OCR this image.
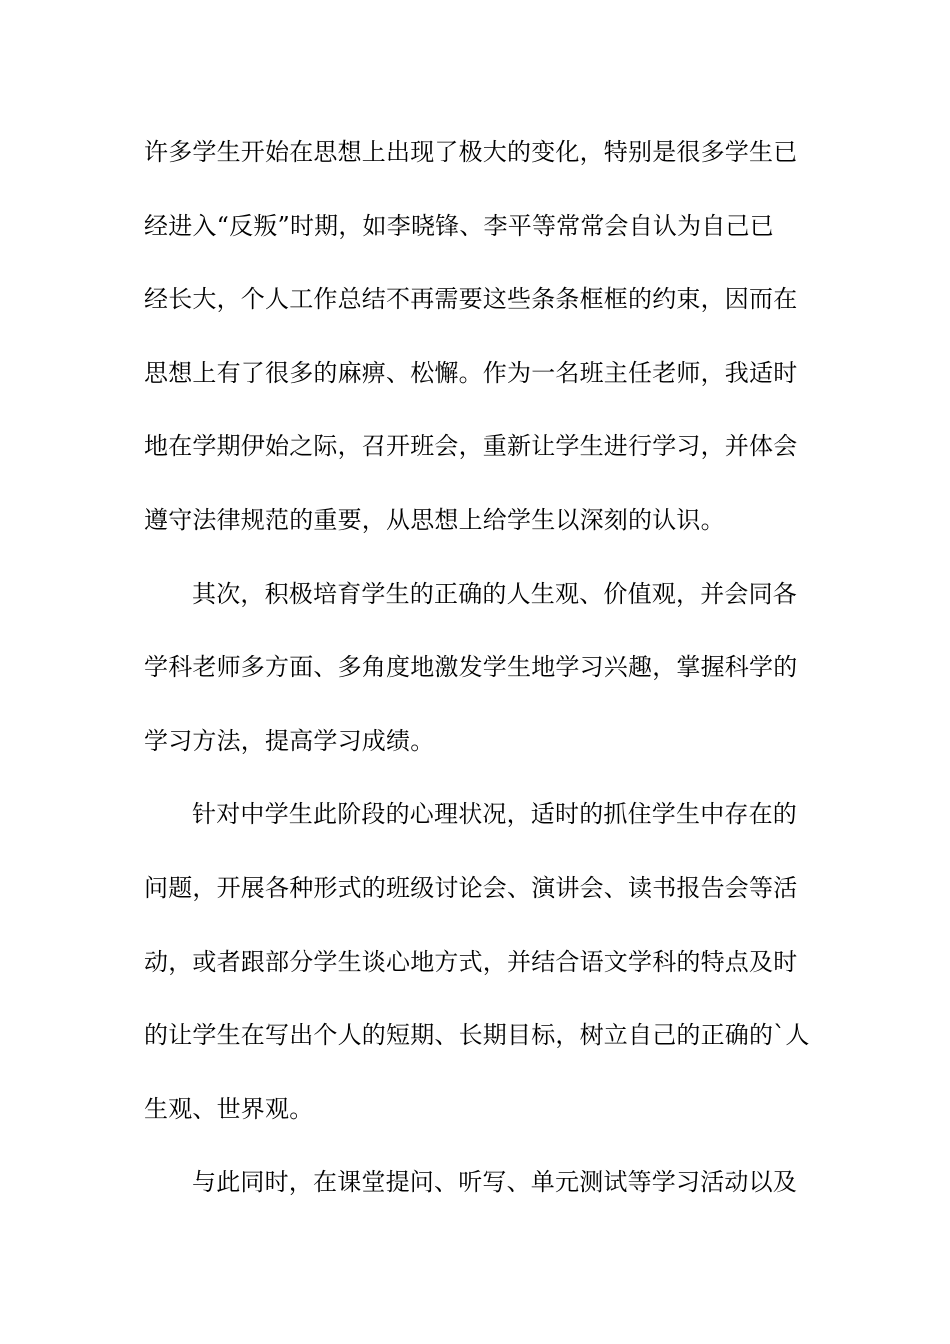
许多学生开始在思想上出现了极大的变化，特别是很多学生已
经进入“反叛”时期，如李晓锋、李平等常常会自认为自己已
经长大，个人工作总结不再需要这些条条框框的约束，因而在
思想上有了很多的麻痹、松懈。作为一名班主任老师，我适时
地在学期伊始之际，召开班会，重新让学生进行学习，并体会
遵守法律规范的重要，从思想上给学生以深刻的认识。
其次，积极培育学生的正确的人生观、价值观，并会同各
学科老师多方面、多角度地激发学生地学习兴趣，掌握科学的
学习方法，提高学习成绩。
针对中学生此阶段的心理状况，适时的抓住学生中存在的
问题，开展各种形式的班级讨论会、演讲会、读书报告会等活
动，或者跟部分学生谈心地方式，并结合语文学科的特点及时
的让学生在写出个人的短期、长期目标，树立自己的正确的`人
生观、世界观。
与此同时，在课堂提问、听写、单元测试等学习活动以及
